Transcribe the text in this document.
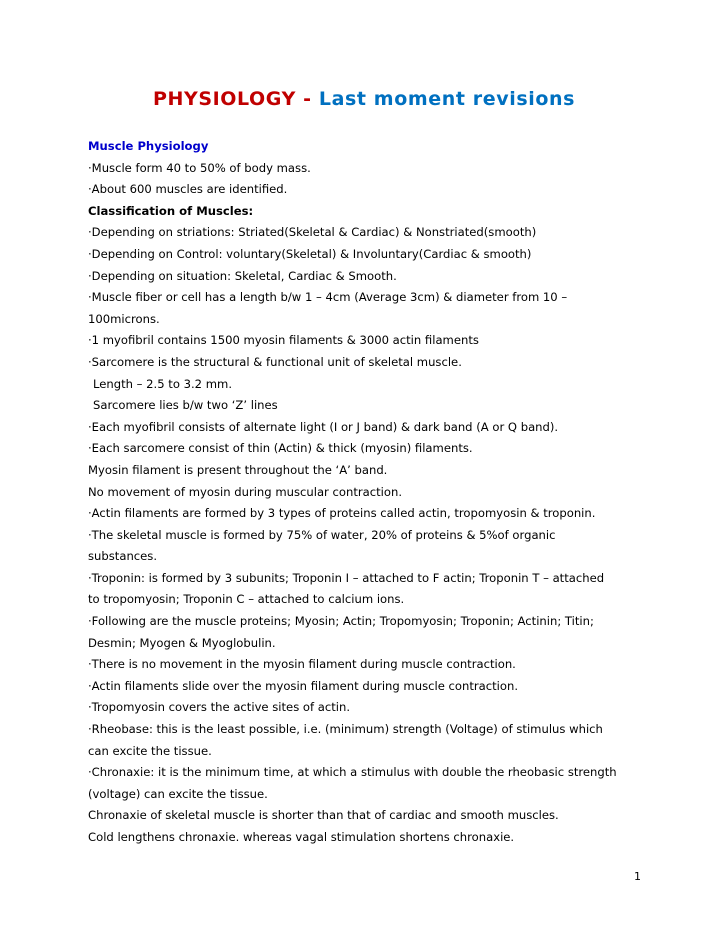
PHYSIOLOGY - Last moment revisions
Muscle Physiology
·Muscle form 40 to 50% of body mass.
·About 600 muscles are identified.
Classification of Muscles:
·Depending on striations: Striated(Skeletal & Cardiac) & Nonstriated(smooth)
·Depending on Control: voluntary(Skeletal) & Involuntary(Cardiac & smooth)
·Depending on situation: Skeletal, Cardiac & Smooth.
·Muscle fiber or cell has a length b/w 1 – 4cm (Average 3cm) & diameter from 10 –
100microns.
·1 myofibril contains 1500 myosin filaments & 3000 actin filaments
·Sarcomere is the structural & functional unit of skeletal muscle.
Length – 2.5 to 3.2 mm.
Sarcomere lies b/w two ‘Z’ lines
·Each myofibril consists of alternate light (I or J band) & dark band (A or Q band).
·Each sarcomere consist of thin (Actin) & thick (myosin) filaments.
Myosin filament is present throughout the ‘A’ band.
No movement of myosin during muscular contraction.
·Actin filaments are formed by 3 types of proteins called actin, tropomyosin & troponin.
·The skeletal muscle is formed by 75% of water, 20% of proteins & 5%of organic
substances.
·Troponin: is formed by 3 subunits; Troponin I – attached to F actin; Troponin T – attached
to tropomyosin; Troponin C – attached to calcium ions.
·Following are the muscle proteins; Myosin; Actin; Tropomyosin; Troponin; Actinin; Titin;
Desmin; Myogen & Myoglobulin.
·There is no movement in the myosin filament during muscle contraction.
·Actin filaments slide over the myosin filament during muscle contraction.
·Tropomyosin covers the active sites of actin.
·Rheobase: this is the least possible, i.e. (minimum) strength (Voltage) of stimulus which
can excite the tissue.
·Chronaxie: it is the minimum time, at which a stimulus with double the rheobasic strength
(voltage) can excite the tissue.
Chronaxie of skeletal muscle is shorter than that of cardiac and smooth muscles.
Cold lengthens chronaxie. whereas vagal stimulation shortens chronaxie.
1
